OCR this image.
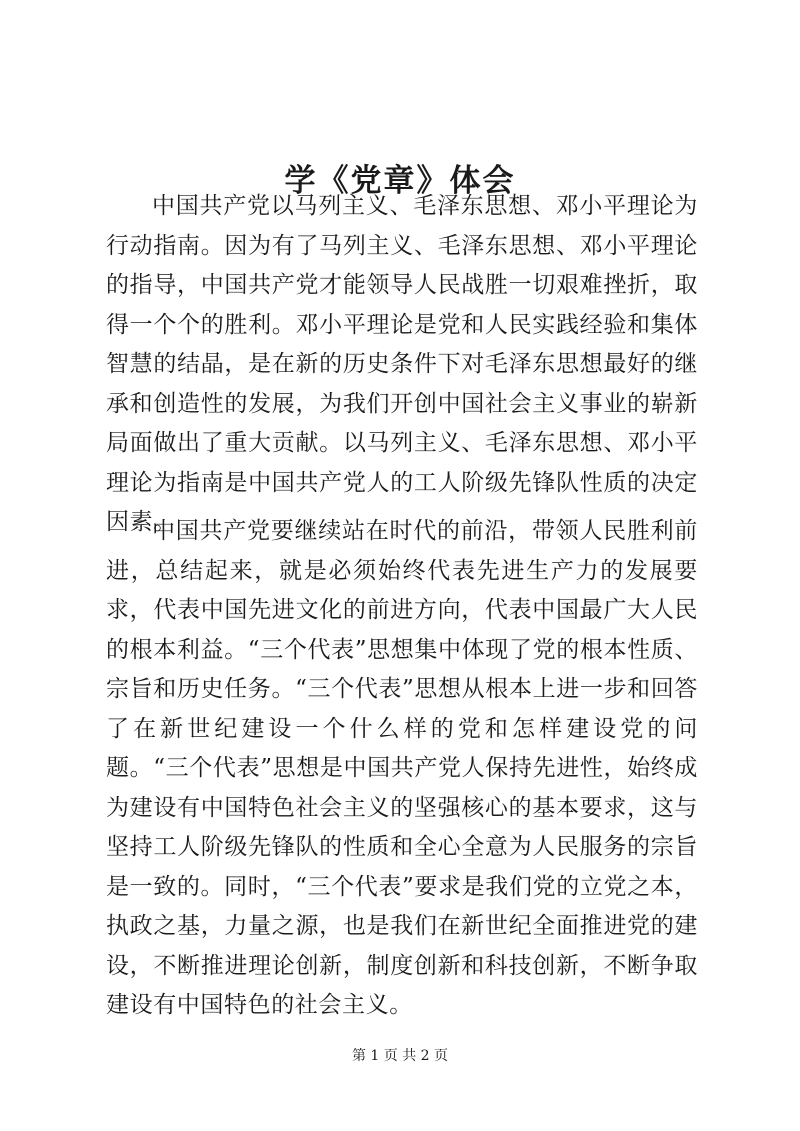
学《党章》体会

中国共产党以马列主义、毛泽东思想、邓小平理论为行动指南。因为有了马列主义、毛泽东思想、邓小平理论的指导，中国共产党才能领导人民战胜一切艰难挫折，取得一个个的胜利。邓小平理论是党和人民实践经验和集体智慧的结晶，是在新的历史条件下对毛泽东思想最好的继承和创造性的发展，为我们开创中国社会主义事业的崭新局面做出了重大贡献。以马列主义、毛泽东思想、邓小平理论为指南是中国共产党人的工人阶级先锋队性质的决定因素。

中国共产党要继续站在时代的前沿，带领人民胜利前进，总结起来，就是必须始终代表先进生产力的发展要求，代表中国先进文化的前进方向，代表中国最广大人民的根本利益。“三个代表”思想集中体现了党的根本性质、宗旨和历史任务。“三个代表”思想从根本上进一步和回答了在新世纪建设一个什么样的党和怎样建设党的问题。“三个代表”思想是中国共产党人保持先进性，始终成为建设有中国特色社会主义的坚强核心的基本要求，这与坚持工人阶级先锋队的性质和全心全意为人民服务的宗旨是一致的。同时，“三个代表”要求是我们党的立党之本，执政之基，力量之源，也是我们在新世纪全面推进党的建设，不断推进理论创新，制度创新和科技创新，不断争取建设有中国特色的社会主义。

第 1 页 共 2 页
